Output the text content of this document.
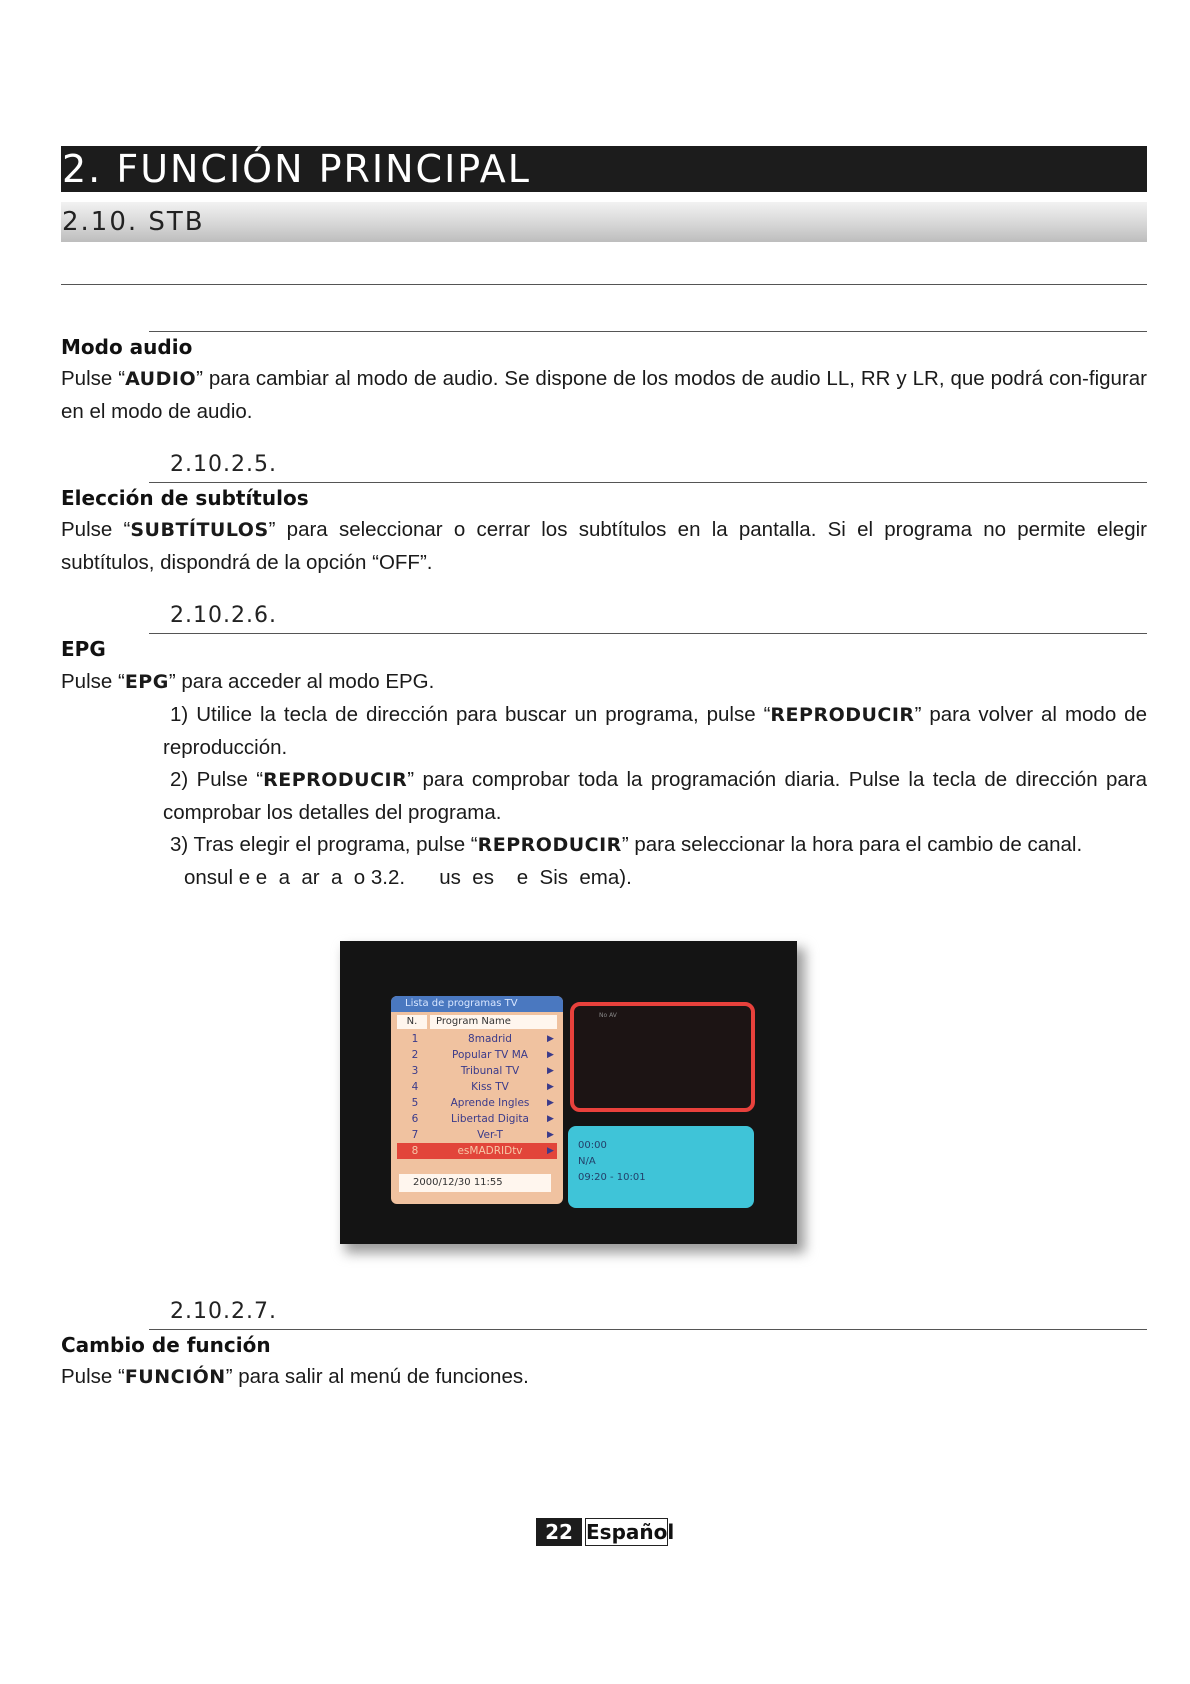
2. FUNCIÓN PRINCIPAL
2.10. STB
Modo audio
Pulse “AUDIO” para cambiar al modo de audio. Se dispone de los modos de audio LL, RR y LR, que podrá con-figurar en el modo de audio.
2.10.2.5.
Elección de subtítulos
Pulse “SUBTÍTULOS” para seleccionar o cerrar los subtítulos en la pantalla. Si el programa no permite elegir subtítulos, dispondrá de la opción “OFF”.
2.10.2.6.
EPG
Pulse “EPG” para acceder al modo EPG.
1) Utilice la tecla de dirección para buscar un programa, pulse “REPRODUCIR” para volver al modo de reproducción.
2) Pulse “REPRODUCIR” para comprobar toda la programación diaria. Pulse la tecla de dirección para comprobar los detalles del programa.
3) Tras elegir el programa, pulse “REPRODUCIR” para seleccionar la hora para el cambio de canal.
onsul e e  a  ar  a  o 3.2.      us  es    e  Sis  ema).
Lista de programas TV
N.	Program Name
1	8madrid	▶
2	Popular TV MA	▶
3	Tribunal TV	▶
4	Kiss TV	▶
5	Aprende Ingles	▶
6	Libertad Digita	▶
7	Ver-T	▶
8	esMADRIDtv	▶
2000/12/30 11:55
No AV
00:00
N/A
09:20 - 10:01
2.10.2.7.
Cambio de función
Pulse “FUNCIÓN” para salir al menú de funciones.
22 Español
